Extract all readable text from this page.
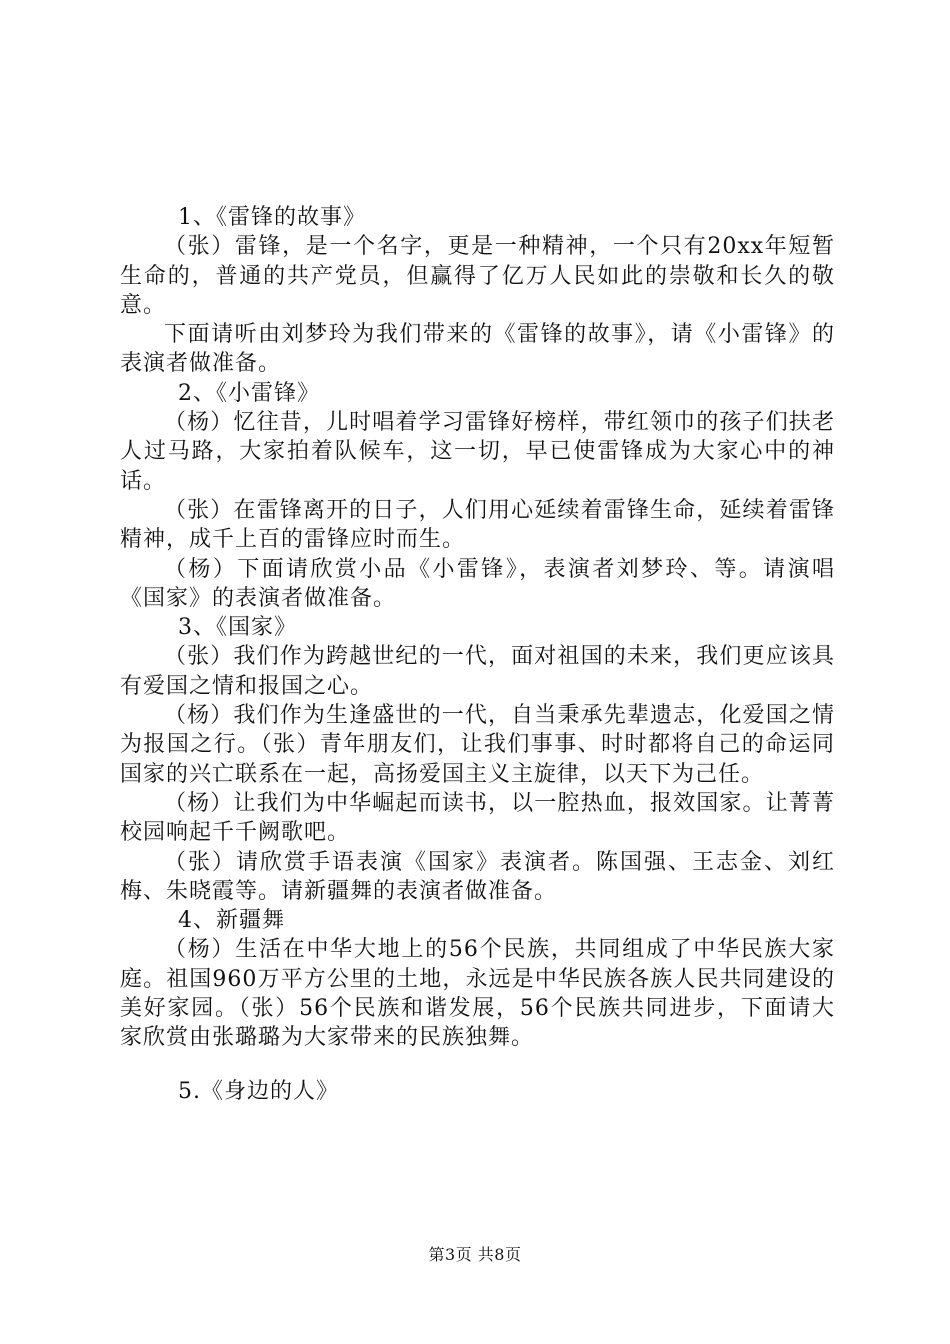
1、《雷锋的故事》

（张）雷锋，是一个名字，更是一种精神，一个只有20xx年短暂生命的，普通的共产党员，但赢得了亿万人民如此的崇敬和长久的敬意。

下面请听由刘梦玲为我们带来的《雷锋的故事》，请《小雷锋》的表演者做准备。

2、《小雷锋》

（杨）忆往昔，儿时唱着学习雷锋好榜样，带红领巾的孩子们扶老人过马路，大家拍着队候车，这一切，早已使雷锋成为大家心中的神话。

（张）在雷锋离开的日子，人们用心延续着雷锋生命，延续着雷锋精神，成千上百的雷锋应时而生。

（杨）下面请欣赏小品《小雷锋》，表演者刘梦玲、等。请演唱《国家》的表演者做准备。

3、《国家》

（张）我们作为跨越世纪的一代，面对祖国的未来，我们更应该具有爱国之情和报国之心。

（杨）我们作为生逢盛世的一代，自当秉承先辈遗志，化爱国之情为报国之行。（张）青年朋友们，让我们事事、时时都将自己的命运同国家的兴亡联系在一起，高扬爱国主义主旋律，以天下为己任。

（杨）让我们为中华崛起而读书，以一腔热血，报效国家。让菁菁校园响起千千阙歌吧。

（张）请欣赏手语表演《国家》表演者。陈国强、王志金、刘红梅、朱晓霞等。请新疆舞的表演者做准备。

4、新疆舞

（杨）生活在中华大地上的56个民族，共同组成了中华民族大家庭。祖国960万平方公里的土地，永远是中华民族各族人民共同建设的美好家园。（张）56个民族和谐发展，56个民族共同进步，下面请大家欣赏由张璐璐为大家带来的民族独舞。

5.《身边的人》

第3页 共8页
